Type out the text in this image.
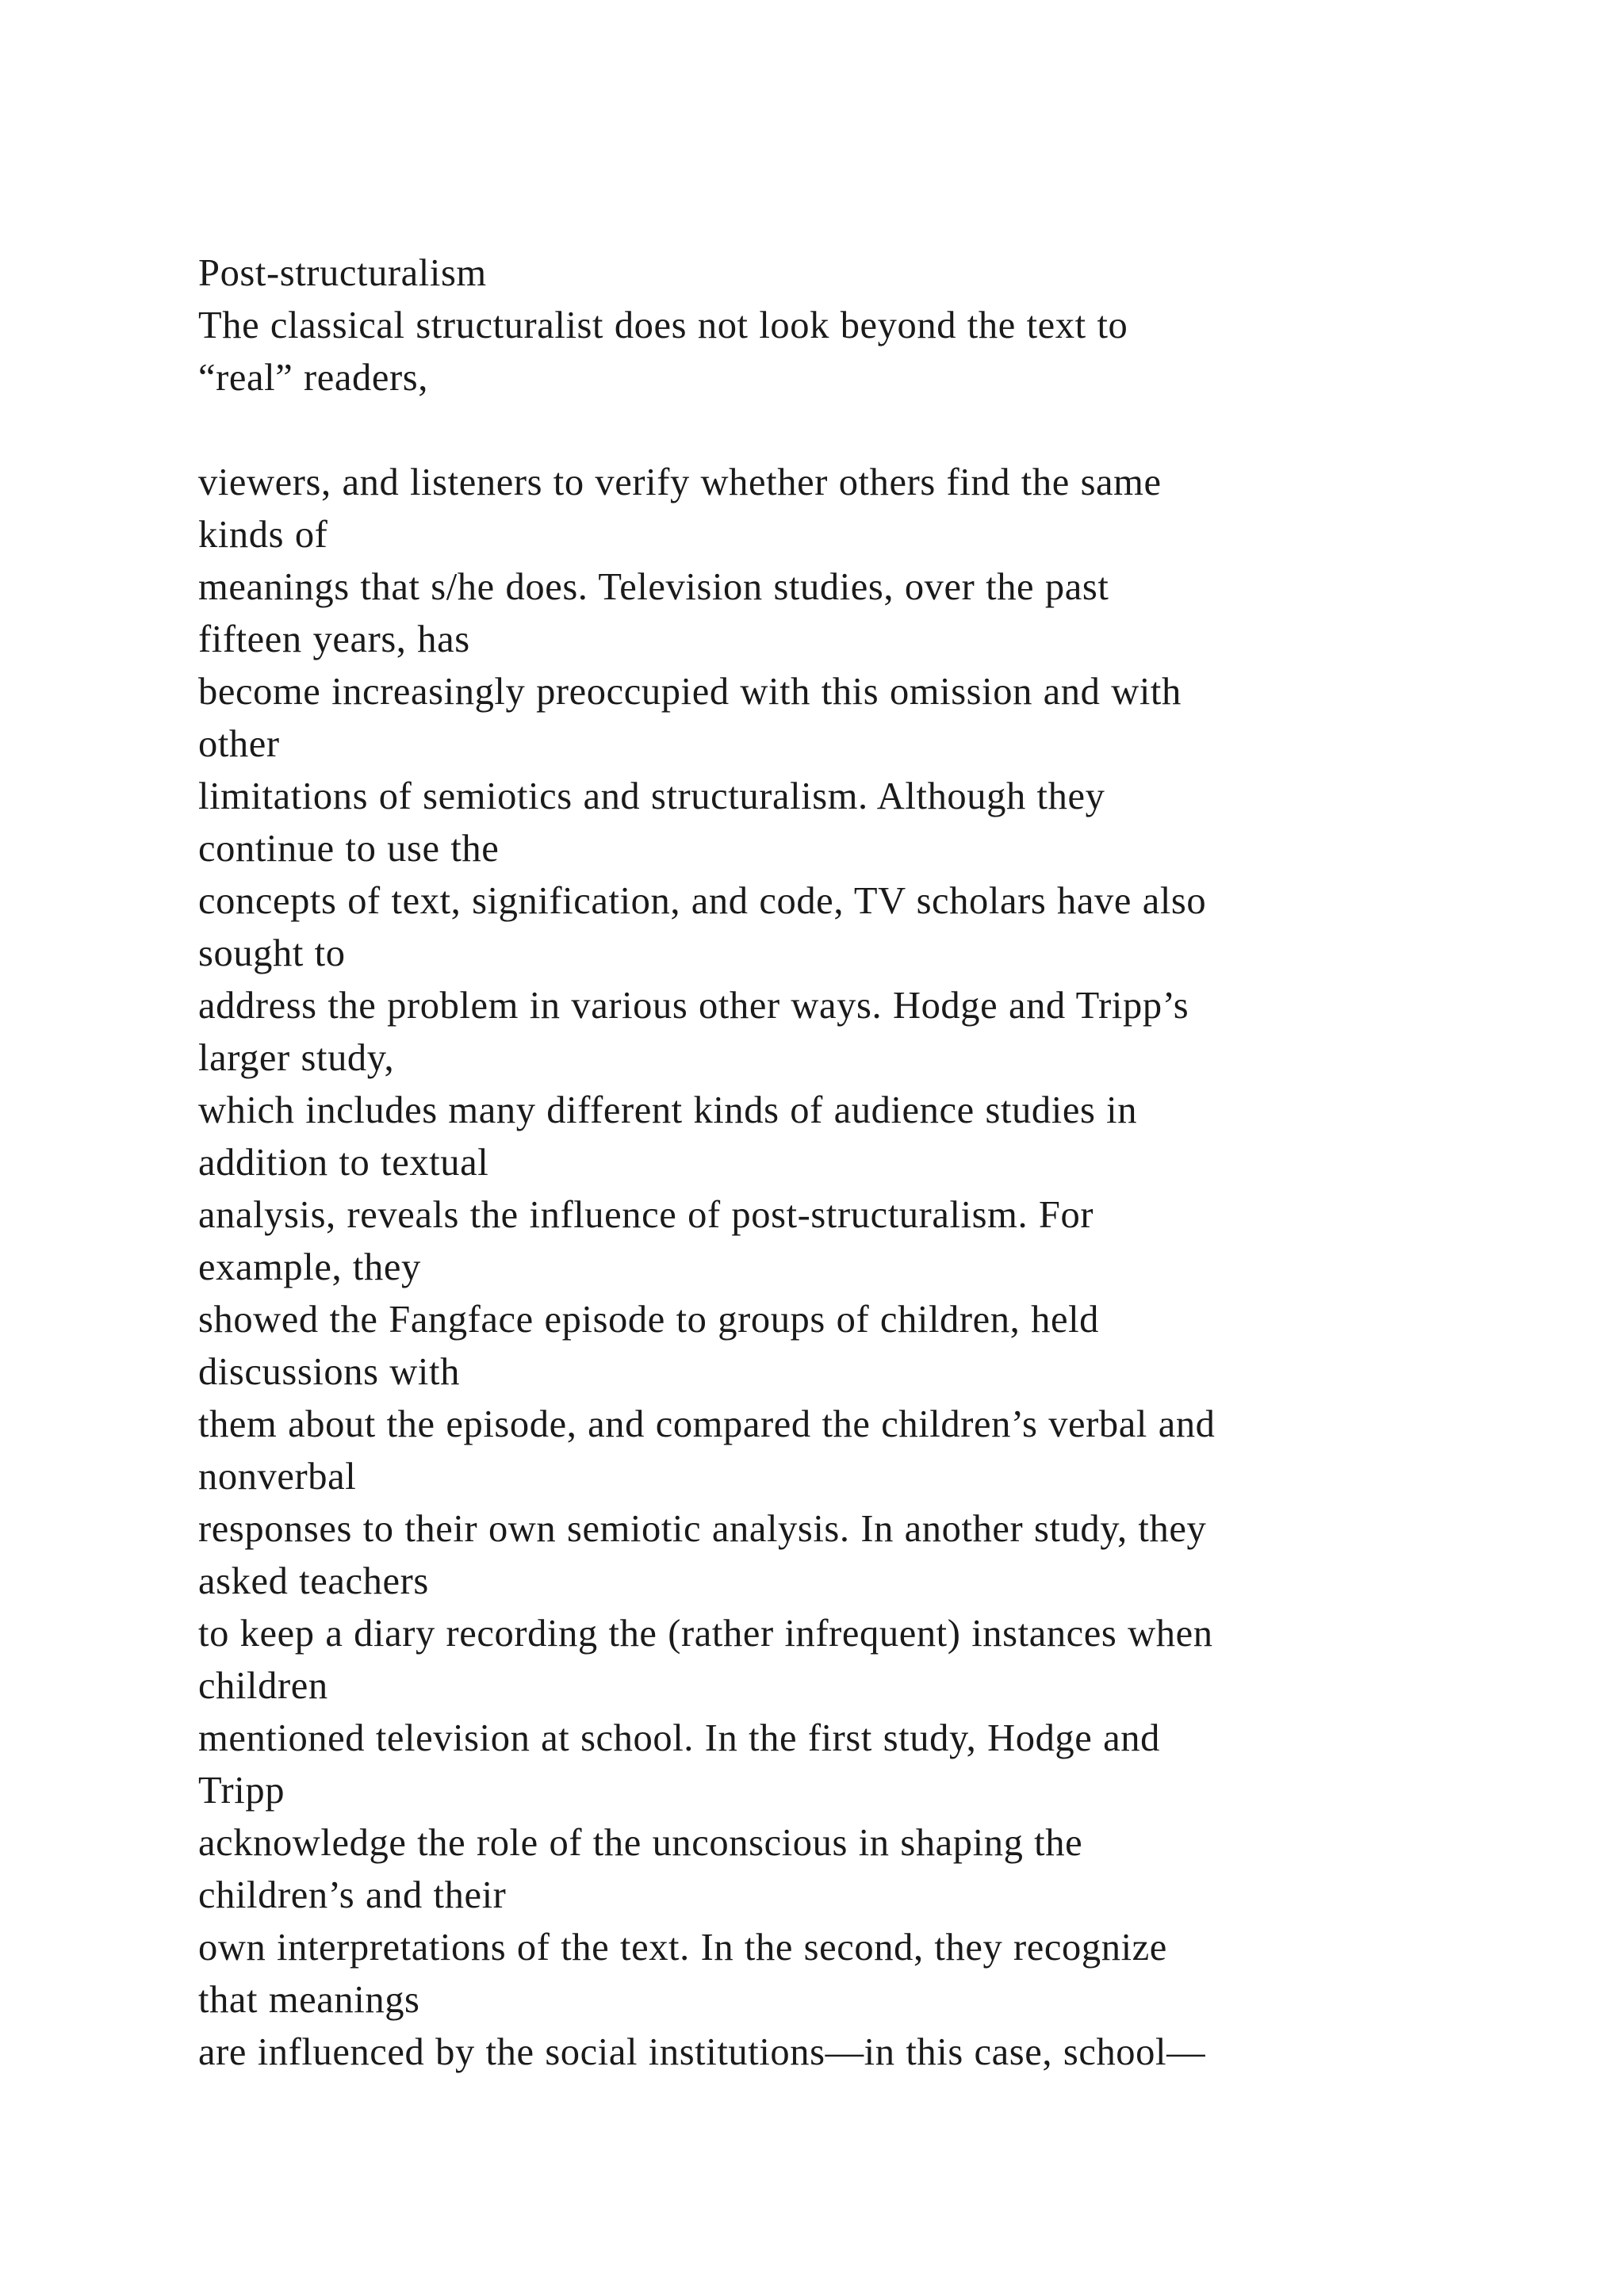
Post-structuralism
The classical structuralist does not look beyond the text to
“real” readers,
viewers, and listeners to verify whether others find the same
kinds of
meanings that s/he does. Television studies, over the past
fifteen years, has
become increasingly preoccupied with this omission and with
other
limitations of semiotics and structuralism. Although they
continue to use the
concepts of text, signification, and code, TV scholars have also
sought to
address the problem in various other ways. Hodge and Tripp’s
larger study,
which includes many different kinds of audience studies in
addition to textual
analysis, reveals the influence of post-structuralism. For
example, they
showed the Fangface episode to groups of children, held
discussions with
them about the episode, and compared the children’s verbal and
nonverbal
responses to their own semiotic analysis. In another study, they
asked teachers
to keep a diary recording the (rather infrequent) instances when
children
mentioned television at school. In the first study, Hodge and
Tripp
acknowledge the role of the unconscious in shaping the
children’s and their
own interpretations of the text. In the second, they recognize
that meanings
are influenced by the social institutions—in this case, school—
